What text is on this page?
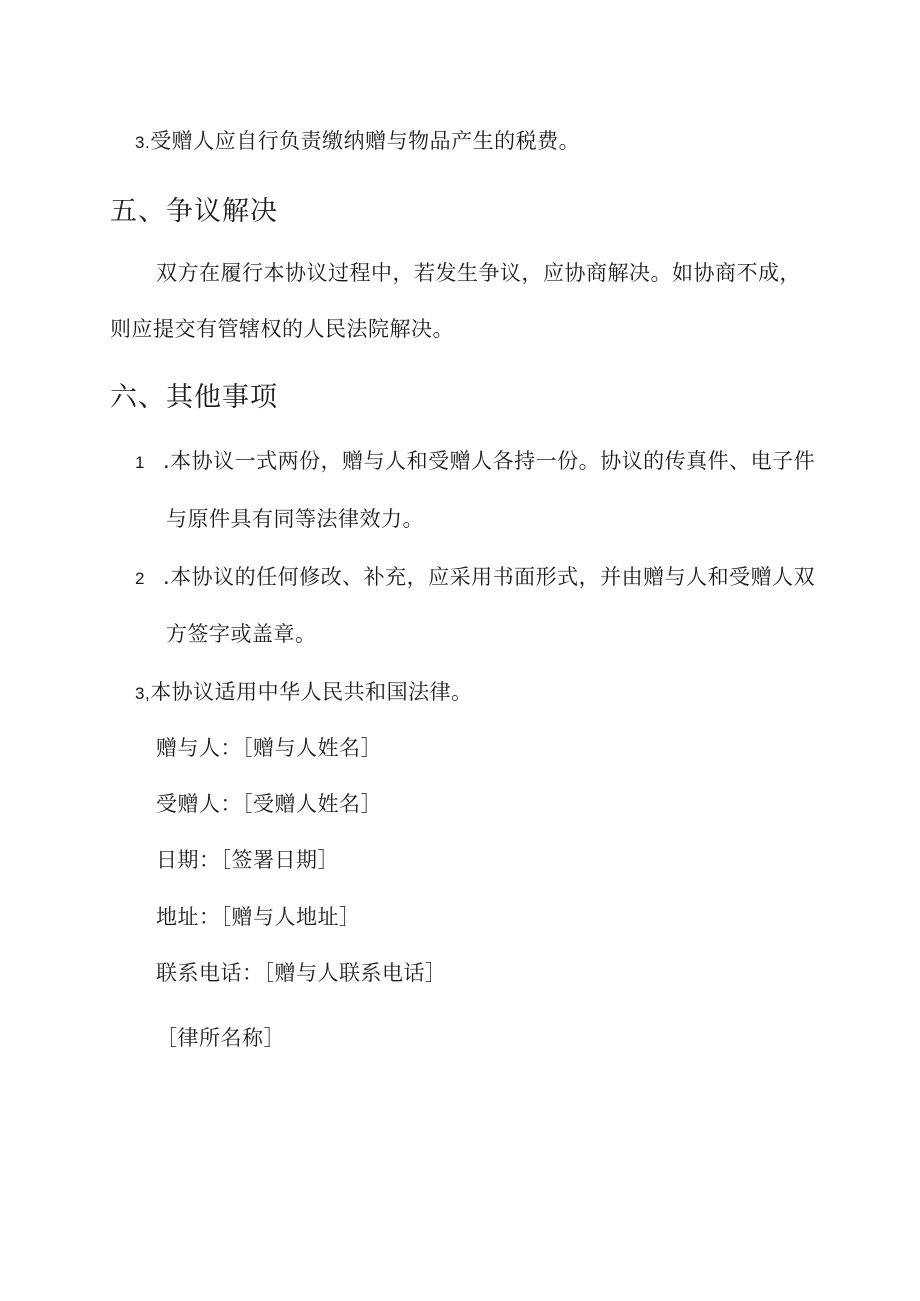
3.受赠人应自行负责缴纳赠与物品产生的税费。
五、争议解决
双方在履行本协议过程中，若发生争议，应协商解决。如协商不成，
则应提交有管辖权的人民法院解决。
六、其他事项
1 .本协议一式两份，赠与人和受赠人各持一份。协议的传真件、电子件
与原件具有同等法律效力。
2 .本协议的任何修改、补充，应采用书面形式，并由赠与人和受赠人双
方签字或盖章。
3,本协议适用中华人民共和国法律。
赠与人：［赠与人姓名］
受赠人：［受赠人姓名］
日期：［签署日期］
地址：［赠与人地址］
联系电话：［赠与人联系电话］
［律所名称］
